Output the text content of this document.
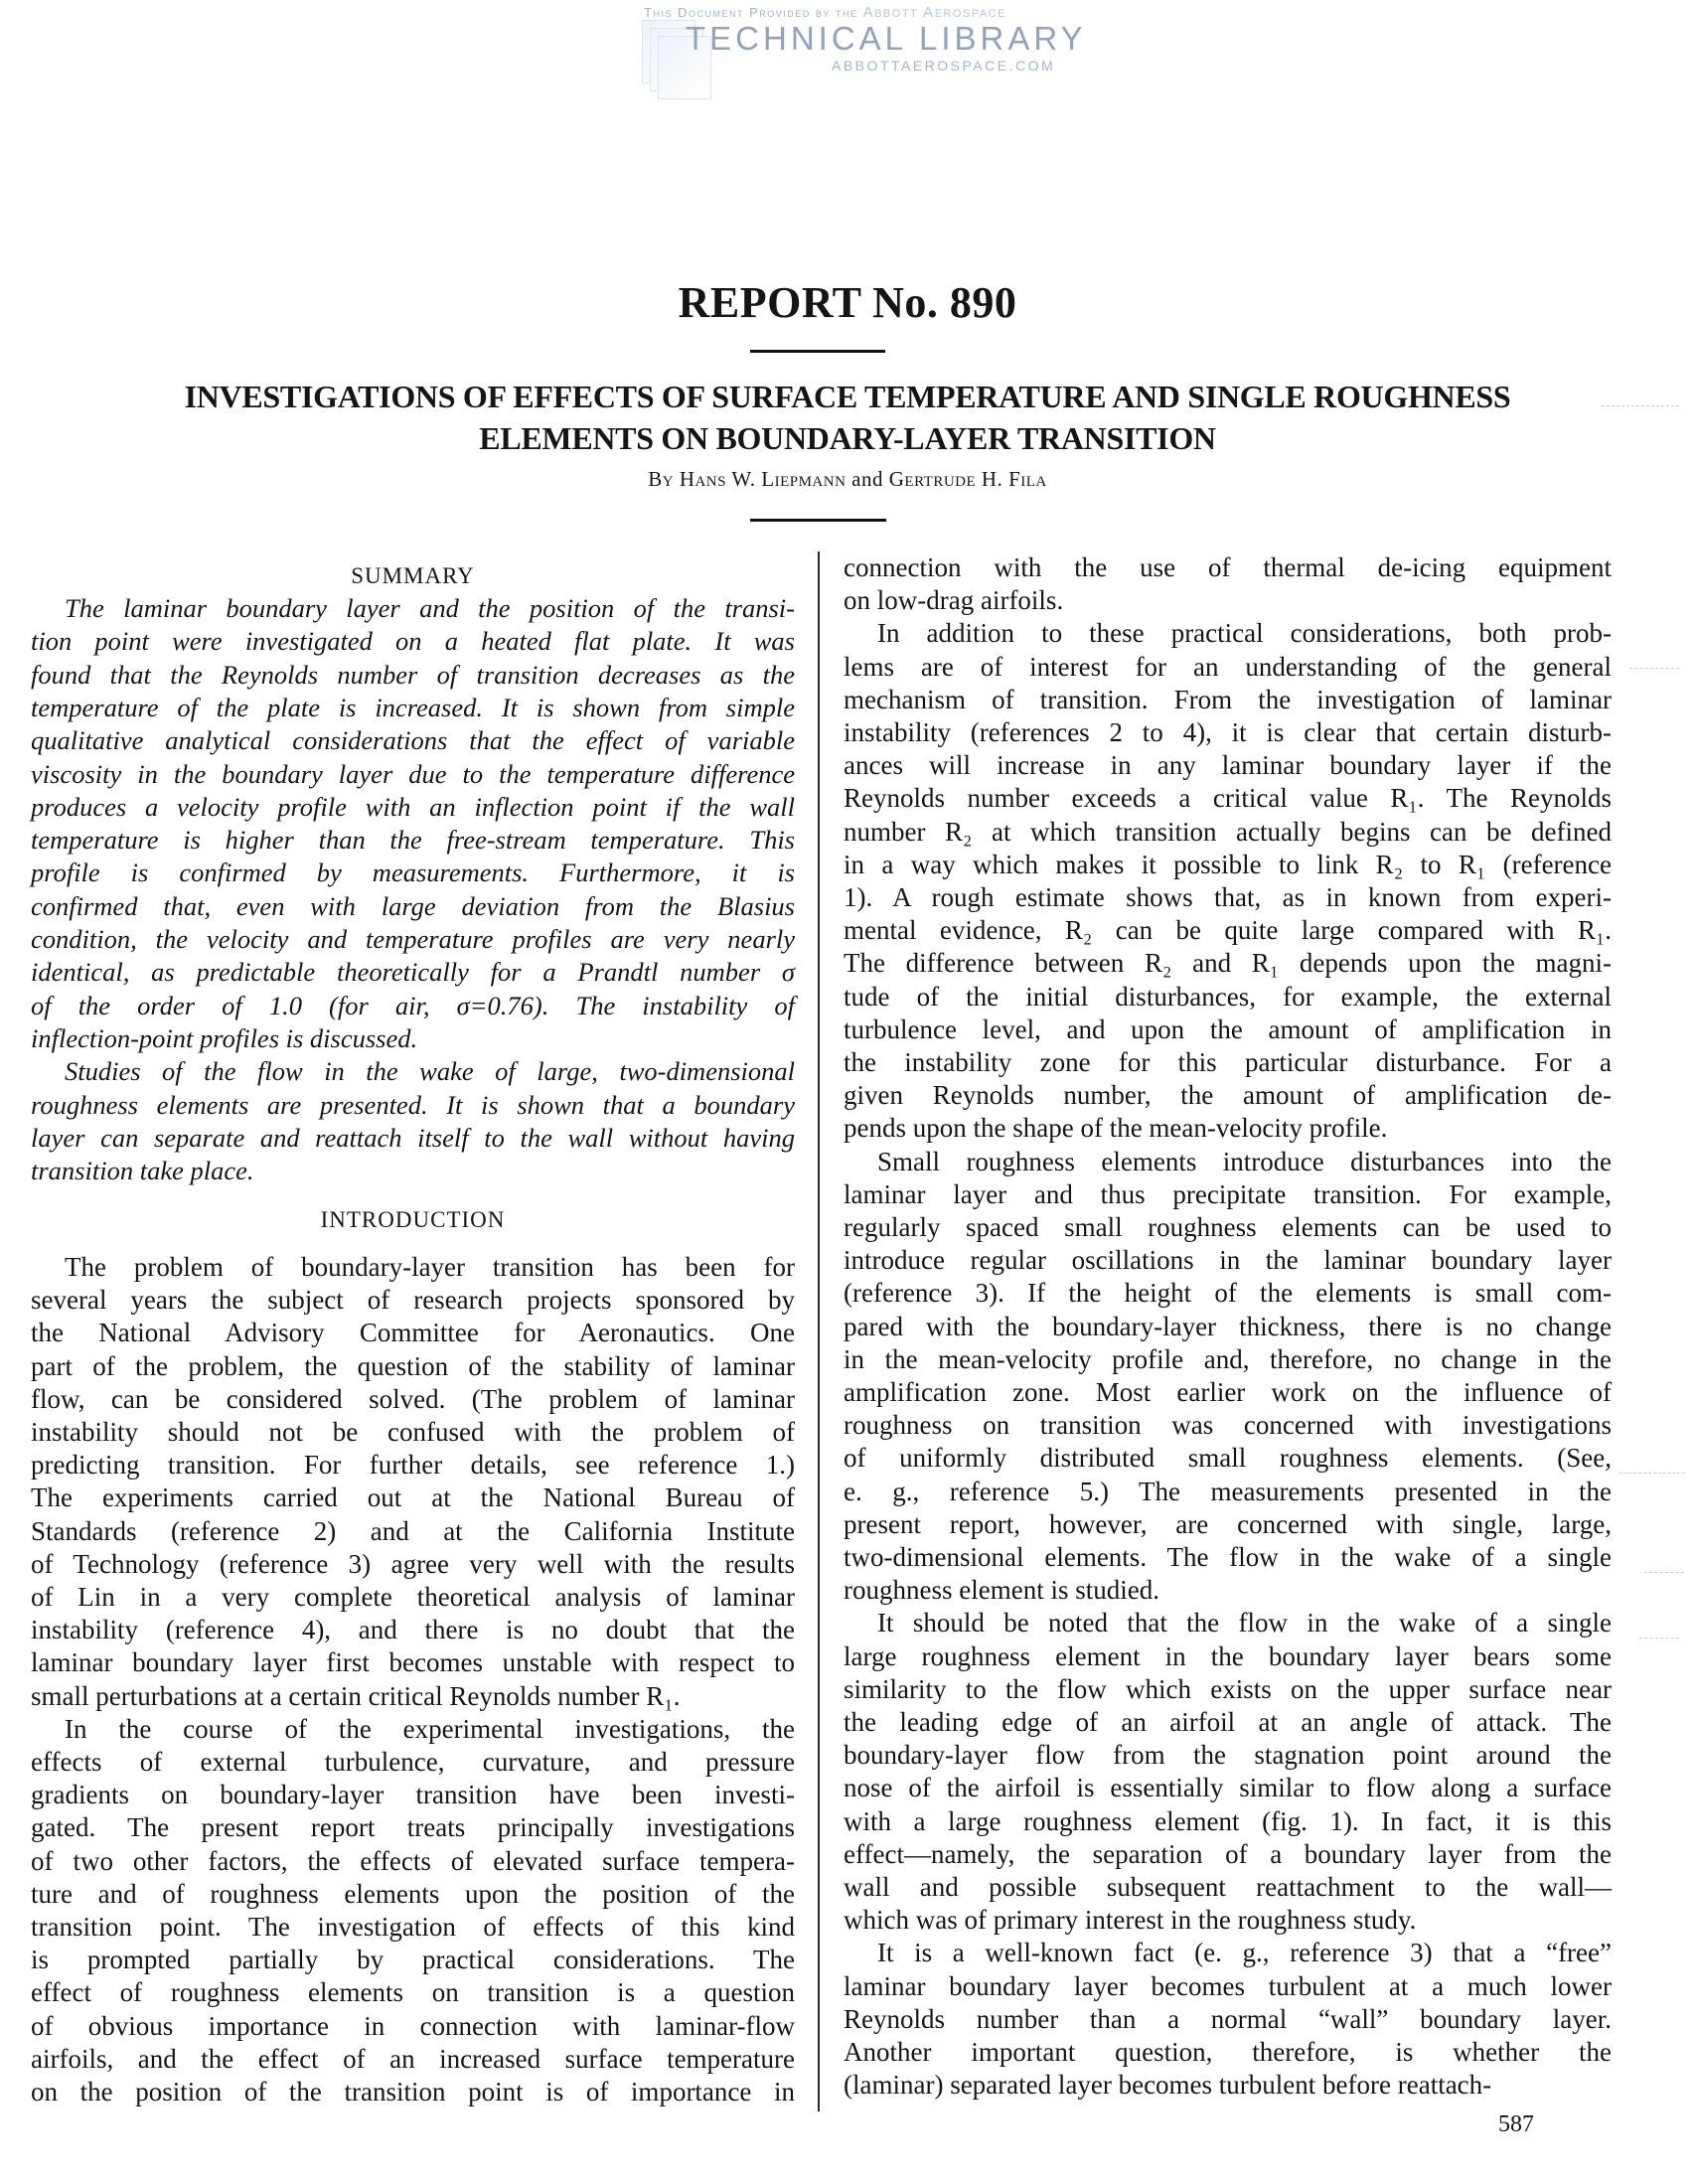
This Document Provided by the Abbott Aerospace
TECHNICAL LIBRARY
ABBOTTAEROSPACE.COM
REPORT No. 890
INVESTIGATIONS OF EFFECTS OF SURFACE TEMPERATURE AND SINGLE ROUGHNESS
ELEMENTS ON BOUNDARY-LAYER TRANSITION
By Hans W. Liepmann and Gertrude H. Fila
SUMMARY
The laminar boundary layer and the position of the transi-
tion point were investigated on a heated flat plate. It was
found that the Reynolds number of transition decreases as the
temperature of the plate is increased. It is shown from simple
qualitative analytical considerations that the effect of variable
viscosity in the boundary layer due to the temperature difference
produces a velocity profile with an inflection point if the wall
temperature is higher than the free-stream temperature. This
profile is confirmed by measurements. Furthermore, it is
confirmed that, even with large deviation from the Blasius
condition, the velocity and temperature profiles are very nearly
identical, as predictable theoretically for a Prandtl number σ
of the order of 1.0 (for air, σ=0.76). The instability of
inflection-point profiles is discussed.
Studies of the flow in the wake of large, two-dimensional
roughness elements are presented. It is shown that a boundary
layer can separate and reattach itself to the wall without having
transition take place.
INTRODUCTION
The problem of boundary-layer transition has been for
several years the subject of research projects sponsored by
the National Advisory Committee for Aeronautics. One
part of the problem, the question of the stability of laminar
flow, can be considered solved. (The problem of laminar
instability should not be confused with the problem of
predicting transition. For further details, see reference 1.)
The experiments carried out at the National Bureau of
Standards (reference 2) and at the California Institute
of Technology (reference 3) agree very well with the results
of Lin in a very complete theoretical analysis of laminar
instability (reference 4), and there is no doubt that the
laminar boundary layer first becomes unstable with respect to
small perturbations at a certain critical Reynolds number R₁.
In the course of the experimental investigations, the
effects of external turbulence, curvature, and pressure
gradients on boundary-layer transition have been investi-
gated. The present report treats principally investigations
of two other factors, the effects of elevated surface tempera-
ture and of roughness elements upon the position of the
transition point. The investigation of effects of this kind
is prompted partially by practical considerations. The
effect of roughness elements on transition is a question
of obvious importance in connection with laminar-flow
airfoils, and the effect of an increased surface temperature
on the position of the transition point is of importance in
connection with the use of thermal de-icing equipment
on low-drag airfoils.
In addition to these practical considerations, both prob-
lems are of interest for an understanding of the general
mechanism of transition. From the investigation of laminar
instability (references 2 to 4), it is clear that certain disturb-
ances will increase in any laminar boundary layer if the
Reynolds number exceeds a critical value R₁. The Reynolds
number R₂ at which transition actually begins can be defined
in a way which makes it possible to link R₂ to R₁ (reference
1). A rough estimate shows that, as in known from experi-
mental evidence, R₂ can be quite large compared with R₁.
The difference between R₂ and R₁ depends upon the magni-
tude of the initial disturbances, for example, the external
turbulence level, and upon the amount of amplification in
the instability zone for this particular disturbance. For a
given Reynolds number, the amount of amplification de-
pends upon the shape of the mean-velocity profile.
Small roughness elements introduce disturbances into the
laminar layer and thus precipitate transition. For example,
regularly spaced small roughness elements can be used to
introduce regular oscillations in the laminar boundary layer
(reference 3). If the height of the elements is small com-
pared with the boundary-layer thickness, there is no change
in the mean-velocity profile and, therefore, no change in the
amplification zone. Most earlier work on the influence of
roughness on transition was concerned with investigations
of uniformly distributed small roughness elements. (See,
e. g., reference 5.) The measurements presented in the
present report, however, are concerned with single, large,
two-dimensional elements. The flow in the wake of a single
roughness element is studied.
It should be noted that the flow in the wake of a single
large roughness element in the boundary layer bears some
similarity to the flow which exists on the upper surface near
the leading edge of an airfoil at an angle of attack. The
boundary-layer flow from the stagnation point around the
nose of the airfoil is essentially similar to flow along a surface
with a large roughness element (fig. 1). In fact, it is this
effect—namely, the separation of a boundary layer from the
wall and possible subsequent reattachment to the wall—
which was of primary interest in the roughness study.
It is a well-known fact (e. g., reference 3) that a “free”
laminar boundary layer becomes turbulent at a much lower
Reynolds number than a normal “wall” boundary layer.
Another important question, therefore, is whether the
(laminar) separated layer becomes turbulent before reattach-
587
